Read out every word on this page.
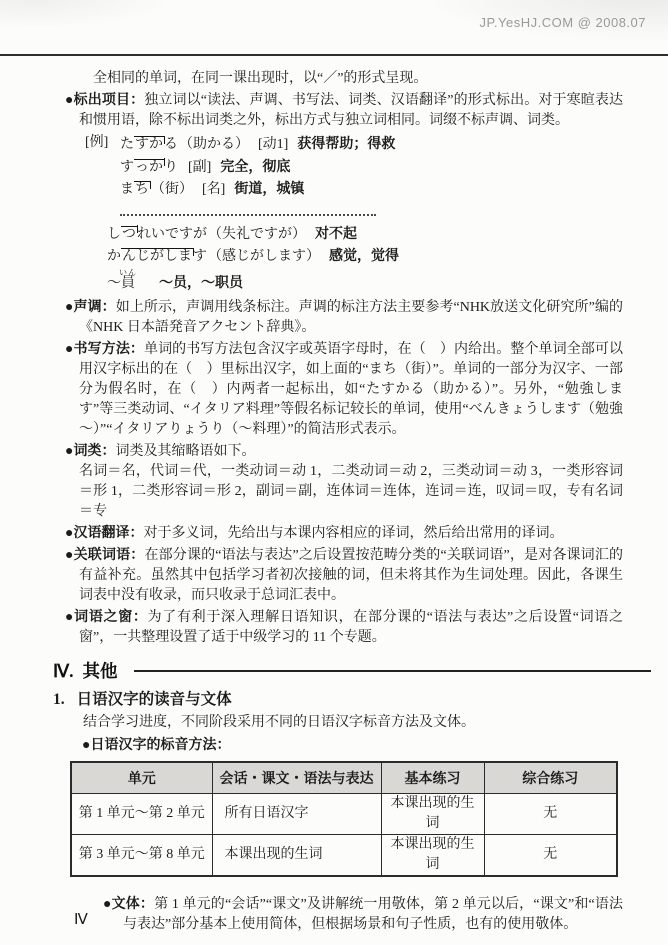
JP.YesHJ.COM @ 2008.07

全相同的单词，在同一课出现时，以“／”的形式呈现。

● 标出项目：独立词以“读法、声调、书写法、词类、汉语翻译”的形式标出。对于寒暄表达和惯用语，除不标出词类之外，标出方式与独立词相同。词缀不标声调、词类。

[例] たすかる（助かる） [动1] 获得帮助；得救
すっかり [副] 完全，彻底
まち （街） [名] 街道，城镇
しつれいですが（失礼ですが） 对不起
かんじがします（感じがします） 感觉，觉得
～員いん～员，～职员

● 声调：如上所示，声调用线条标注。声调的标注方法主要参考“NHK放送文化研究所”编的《NHK 日本語発音アクセント辞典》。

● 书写方法：单词的书写方法包含汉字或英语字母时，在（　）内给出。整个单词全部可以用汉字标出的在（　）里标出汉字，如上面的“まち（街）”。单词的一部分为汉字、一部分为假名时，在（　）内两者一起标出，如“たすかる（助かる）”。另外，“勉強します”等三类动词、“イタリア料理”等假名标记较长的单词，使用“べんきょうします（勉強～）”“イタリアりょうり（～料理）”的简洁形式表示。

● 词类：词类及其缩略语如下。

名词＝名，代词＝代，一类动词＝动 1，二类动词＝动 2，三类动词＝动 3，一类形容词＝形 1，二类形容词＝形 2，副词＝副，连体词＝连体，连词＝连，叹词＝叹，专有名词＝专

● 汉语翻译：对于多义词，先给出与本课内容相应的译词，然后给出常用的译词。

● 关联词语：在部分课的“语法与表达”之后设置按范畴分类的“关联词语”，是对各课词汇的有益补充。虽然其中包括学习者初次接触的词，但未将其作为生词处理。因此，各课生词表中没有收录，而只收录于总词汇表中。

● 词语之窗：为了有利于深入理解日语知识，在部分课的“语法与表达”之后设置“词语之窗”，一共整理设置了适于中级学习的 11 个专题。

Ⅳ. 其他
1. 日语汉字的读音与文体

结合学习进度，不同阶段采用不同的日语汉字标音方法及文体。

● 日语汉字的标音方法：

单元	会话・课文・语法与表达	基本练习	综合练习
第 1 单元～第 2 单元	所有日语汉字	本课出现的生词	无
第 3 单元～第 8 单元	本课出现的生词	本课出现的生词	无

● 文体：第 1 单元的“会话”“课文”及讲解统一用敬体，第 2 单元以后，“课文”和“语法与表达”部分基本上使用简体，但根据场景和句子性质，也有的使用敬体。

Ⅳ
